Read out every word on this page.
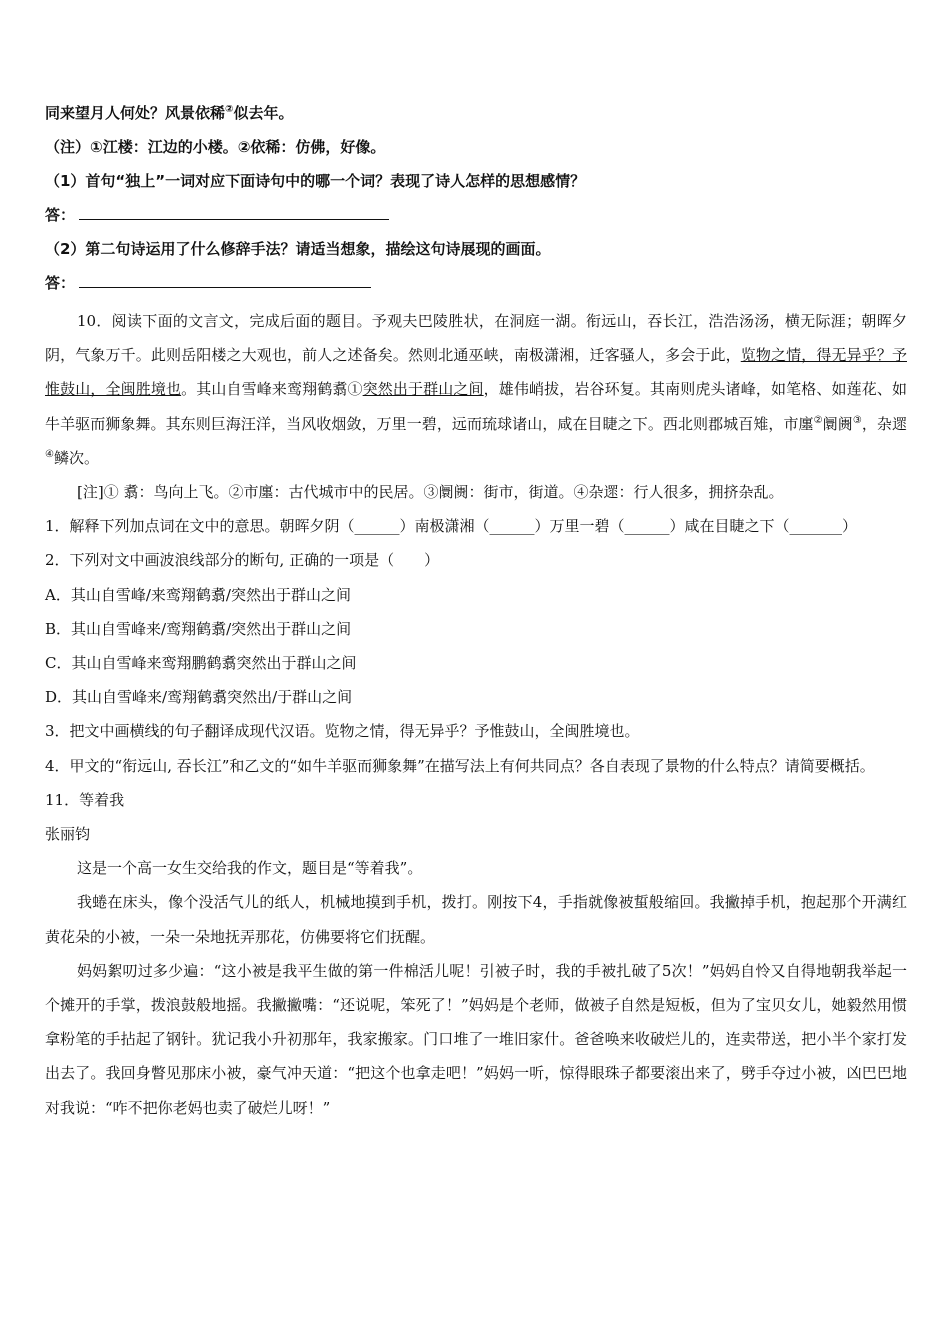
同来望月人何处？风景依稀②似去年。

（注）①江楼：江边的小楼。②依稀：仿佛，好像。

（1）首句“独上”一词对应下面诗句中的哪一个词？表现了诗人怎样的思想感情？

答：

（2）第二句诗运用了什么修辞手法？请适当想象，描绘这句诗展现的画面。

答：

10．阅读下面的文言文，完成后面的题目。予观夫巴陵胜状，在洞庭一湖。衔远山，吞长江，浩浩汤汤，横无际涯；朝晖夕阴，气象万千。此则岳阳楼之大观也，前人之述备矣。然则北通巫峡，南极潇湘，迁客骚人，多会于此，览物之情，得无异乎？予惟鼓山，全闽胜境也。其山自雪峰来鸾翔鹤翥①突然出于群山之间，雄伟峭拔，岩谷环复。其南则虎头诸峰，如笔格、如莲花、如牛羊驱而狮象舞。其东则巨海汪洋，当风收烟敛，万里一碧，远而琉球诸山，咸在目睫之下。西北则郡城百雉，市廛②阛阓③，杂遝④鳞次。

[注]① 翥：鸟向上飞。②市廛：古代城市中的民居。③阛阓：街市，街道。④杂遝：行人很多，拥挤杂乱。

1．解释下列加点词在文中的意思。朝晖夕阴（______）南极潇湘（______）万里一碧（______）咸在目睫之下（_______）

2．下列对文中画波浪线部分的断句, 正确的一项是（　　）

A．其山自雪峰/来鸾翔鹤翥/突然出于群山之间

B．其山自雪峰来/鸾翔鹤翥/突然出于群山之间

C．其山自雪峰来鸾翔鹏鹤翥突然出于群山之间

D．其山自雪峰来/鸾翔鹤翥突然出/于群山之间

3．把文中画横线的句子翻译成现代汉语。览物之情，得无异乎？予惟鼓山，全闽胜境也。

4．甲文的“衔远山, 吞长江”和乙文的“如牛羊驱而狮象舞”在描写法上有何共同点？各自表现了景物的什么特点？请简要概括。

11．等着我

张丽钧

这是一个高一女生交给我的作文，题目是“等着我”。

我蜷在床头，像个没活气儿的纸人，机械地摸到手机，拨打。刚按下4，手指就像被蜇般缩回。我撇掉手机，抱起那个开满红黄花朵的小被，一朵一朵地抚弄那花，仿佛要将它们抚醒。

妈妈絮叨过多少遍：“这小被是我平生做的第一件棉活儿呢！引被子时，我的手被扎破了5次！”妈妈自怜又自得地朝我举起一个摊开的手掌，拨浪鼓般地摇。我撇撇嘴：“还说呢，笨死了！”妈妈是个老师，做被子自然是短板，但为了宝贝女儿，她毅然用惯拿粉笔的手拈起了钢针。犹记我小升初那年，我家搬家。门口堆了一堆旧家什。爸爸唤来收破烂儿的，连卖带送，把小半个家打发出去了。我回身瞥见那床小被，豪气冲天道：“把这个也拿走吧！”妈妈一听，惊得眼珠子都要滚出来了，劈手夺过小被，凶巴巴地对我说：“咋不把你老妈也卖了破烂儿呀！”
